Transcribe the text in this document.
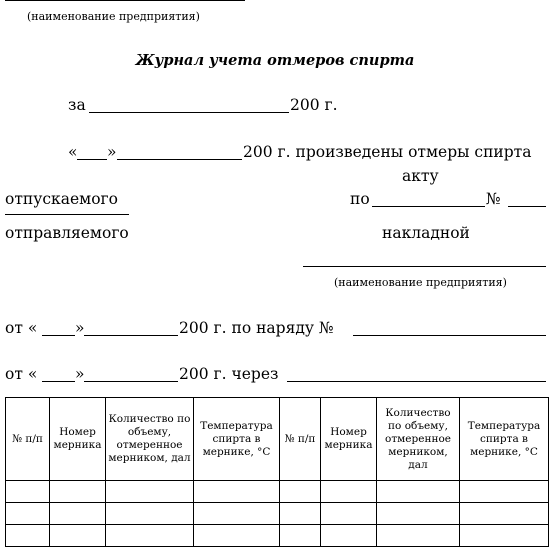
(наименование предприятия)
Журнал учета отмеров спирта
за	200 г.
« »	200 г. произведены отмеры спирта
акту
отпускаемого	по	№
отправляемого	накладной
(наименование предприятия)
от « »	200 г. по наряду №
от « »	200 г. через
№ п/п	Номер мерника	Количество по объему, отмеренное мерником, дал	Температура спирта в мернике, °С	№ п/п	Номер мерника	Количество по объему, отмеренное мерником, дал	Температура спирта в мернике, °С
